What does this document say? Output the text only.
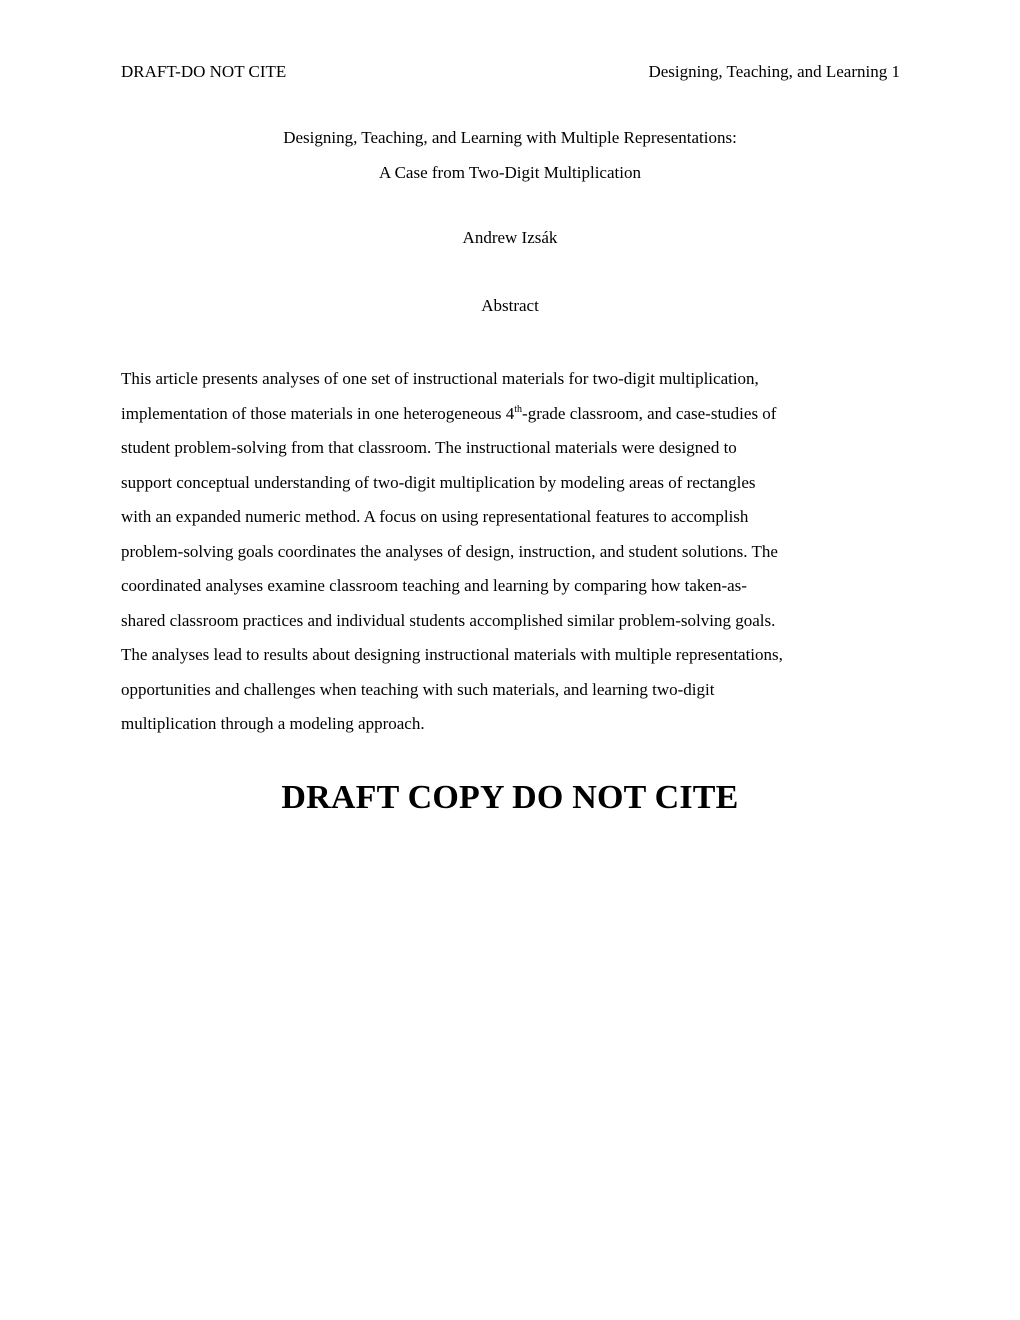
DRAFT-DO NOT CITE	Designing, Teaching, and Learning 1
Designing, Teaching, and Learning with Multiple Representations:
A Case from Two-Digit Multiplication
Andrew Izsák
Abstract
This article presents analyses of one set of instructional materials for two-digit multiplication,
implementation of those materials in one heterogeneous 4th-grade classroom, and case-studies of
student problem-solving from that classroom. The instructional materials were designed to
support conceptual understanding of two-digit multiplication by modeling areas of rectangles
with an expanded numeric method. A focus on using representational features to accomplish
problem-solving goals coordinates the analyses of design, instruction, and student solutions. The
coordinated analyses examine classroom teaching and learning by comparing how taken-as-
shared classroom practices and individual students accomplished similar problem-solving goals.
The analyses lead to results about designing instructional materials with multiple representations,
opportunities and challenges when teaching with such materials, and learning two-digit
multiplication through a modeling approach.
DRAFT COPY DO NOT CITE
